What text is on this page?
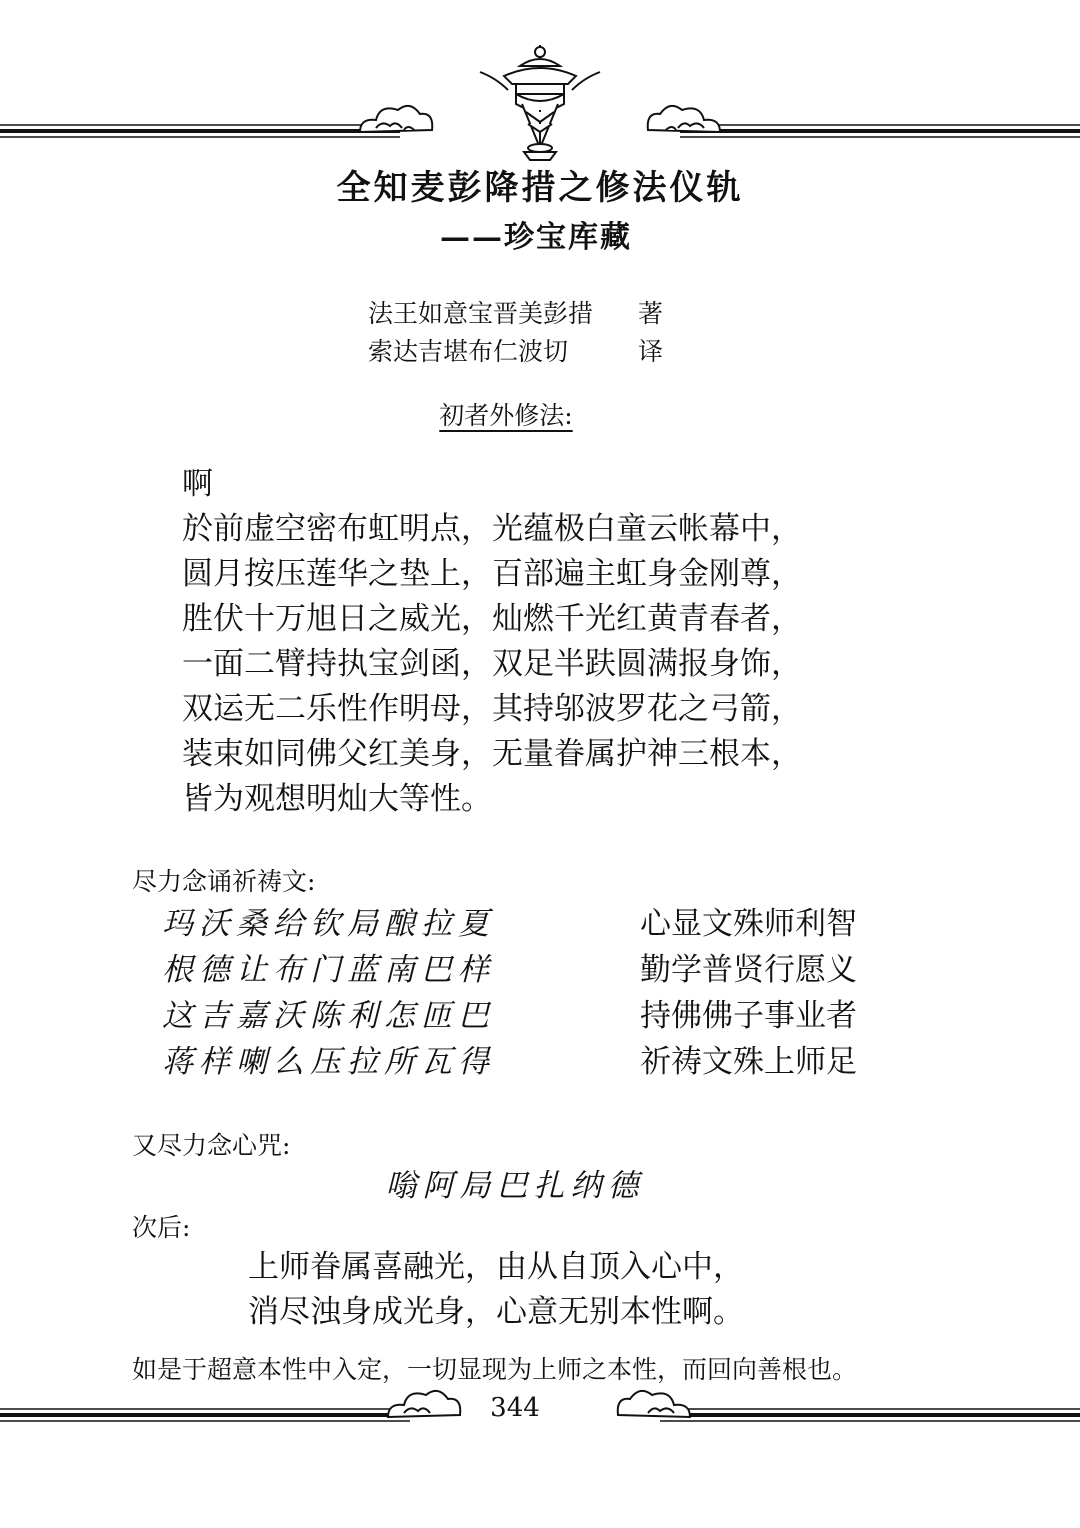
全知麦彭降措之修法仪轨
——珍宝库藏
法王如意宝晋美彭措 著
索达吉堪布仁波切	译
初者外修法:
啊
於前虚空密布虹明点，光蕴极白童云帐幕中，
圆月按压莲华之垫上，百部遍主虹身金刚尊，
胜伏十万旭日之威光，灿燃千光红黄青春者，
一面二臂持执宝剑函，双足半趺圆满报身饰，
双运无二乐性作明母，其持邬波罗花之弓箭，
装束如同佛父红美身，无量眷属护神三根本，
皆为观想明灿大等性。
尽力念诵祈祷文:
玛沃桑给钦局酿拉夏	心显文殊师利智
根德让布门蓝南巴样	勤学普贤行愿义
这吉嘉沃陈利怎匝巴	持佛佛子事业者
蒋样喇么压拉所瓦得	祈祷文殊上师足
又尽力念心咒:
嗡阿局巴扎纳德
次后:
上师眷属喜融光，由从自顶入心中，
消尽浊身成光身，心意无别本性啊。
如是于超意本性中入定，一切显现为上师之本性，而回向善根也。
344
